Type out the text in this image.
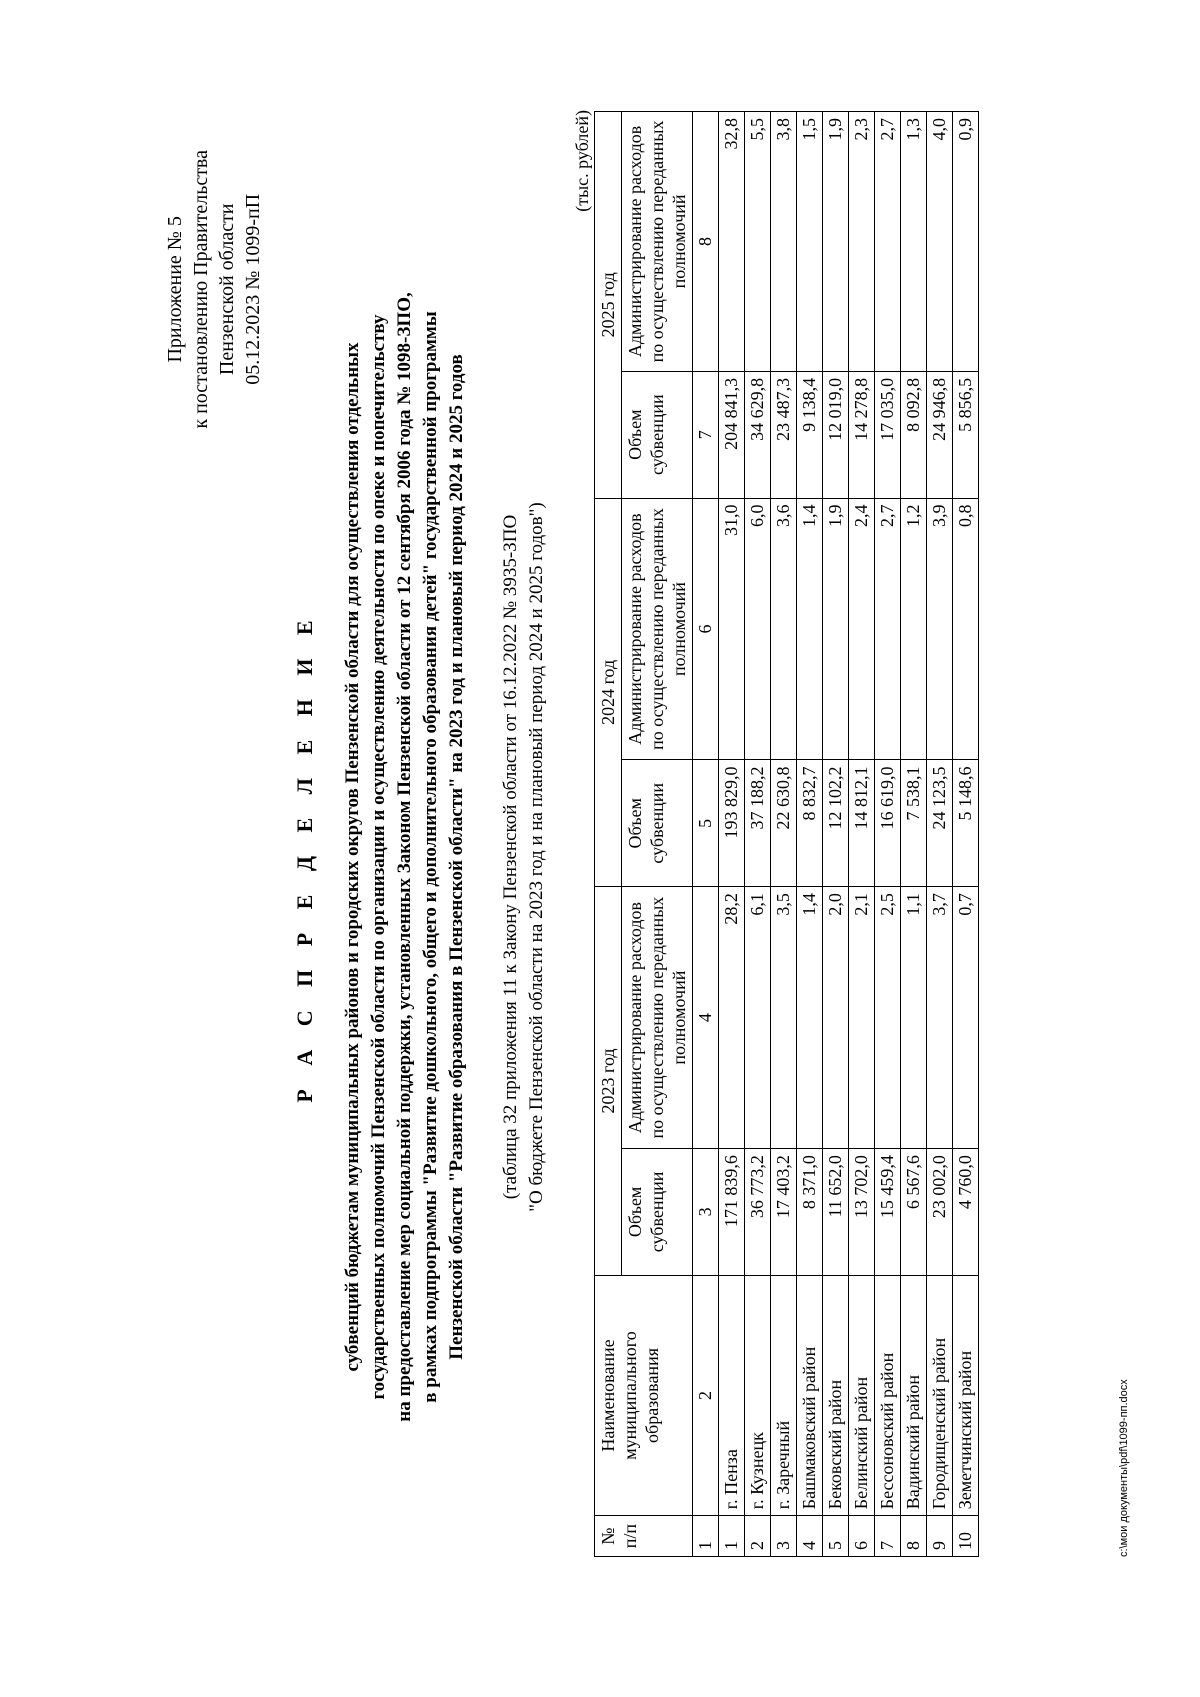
Приложение № 5 к постановлению Правительства Пензенской области 05.12.2023 № 1099-пП
Р А С П Р Е Д Е Л Е Н И Е субвенций бюджетам муниципальных районов и городских округов Пензенской области для осуществления отдельных государственных полномочий Пензенской области по организации и осуществлению деятельности по опеке и попечительству на предоставление мер социальной поддержки, установленных Законом Пензенской области от 12 сентября 2006 года № 1098-ЗПО, в рамках подпрограммы "Развитие дошкольного, общего и дополнительного образования детей" государственной программы Пензенской области "Развитие образования в Пензенской области" на 2023 год и плановый период 2024 и 2025 годов (таблица 32 приложения 11 к Закону Пензенской области от 16.12.2022 № 3935-ЗПО "О бюджете Пензенской области на 2023 год и на плановый период 2024 и 2025 годов")
(тыс. рублей)
№ п/п	Наименование муниципального образования	2023 год		2024 год		2025 год	
		Объем субвенции	Администрирование расходов по осуществлению переданных полномочий	Объем субвенции	Администрирование расходов по осуществлению переданных полномочий	Объем субвенции	Администрирование расходов по осуществлению переданных полномочий
1	2	3	4	5	6	7	8
1	г. Пенза	171 839,6	28,2	193 829,0	31,0	204 841,3	32,8
2	г. Кузнецк	36 773,2	6,1	37 188,2	6,0	34 629,8	5,5
3	г. Заречный	17 403,2	3,5	22 630,8	3,6	23 487,3	3,8
4	Башмаковский район	8 371,0	1,4	8 832,7	1,4	9 138,4	1,5
5	Бековский район	11 652,0	2,0	12 102,2	1,9	12 019,0	1,9
6	Белинский район	13 702,0	2,1	14 812,1	2,4	14 278,8	2,3
7	Бессоновский район	15 459,4	2,5	16 619,0	2,7	17 035,0	2,7
8	Вадинский район	6 567,6	1,1	7 538,1	1,2	8 092,8	1,3
9	Городищенский район	23 002,0	3,7	24 123,5	3,9	24 946,8	4,0
10	Земетчинский район	4 760,0	0,7	5 148,6	0,8	5 856,5	0,9
c:\мои документы\pdf\1099-пп.docx
